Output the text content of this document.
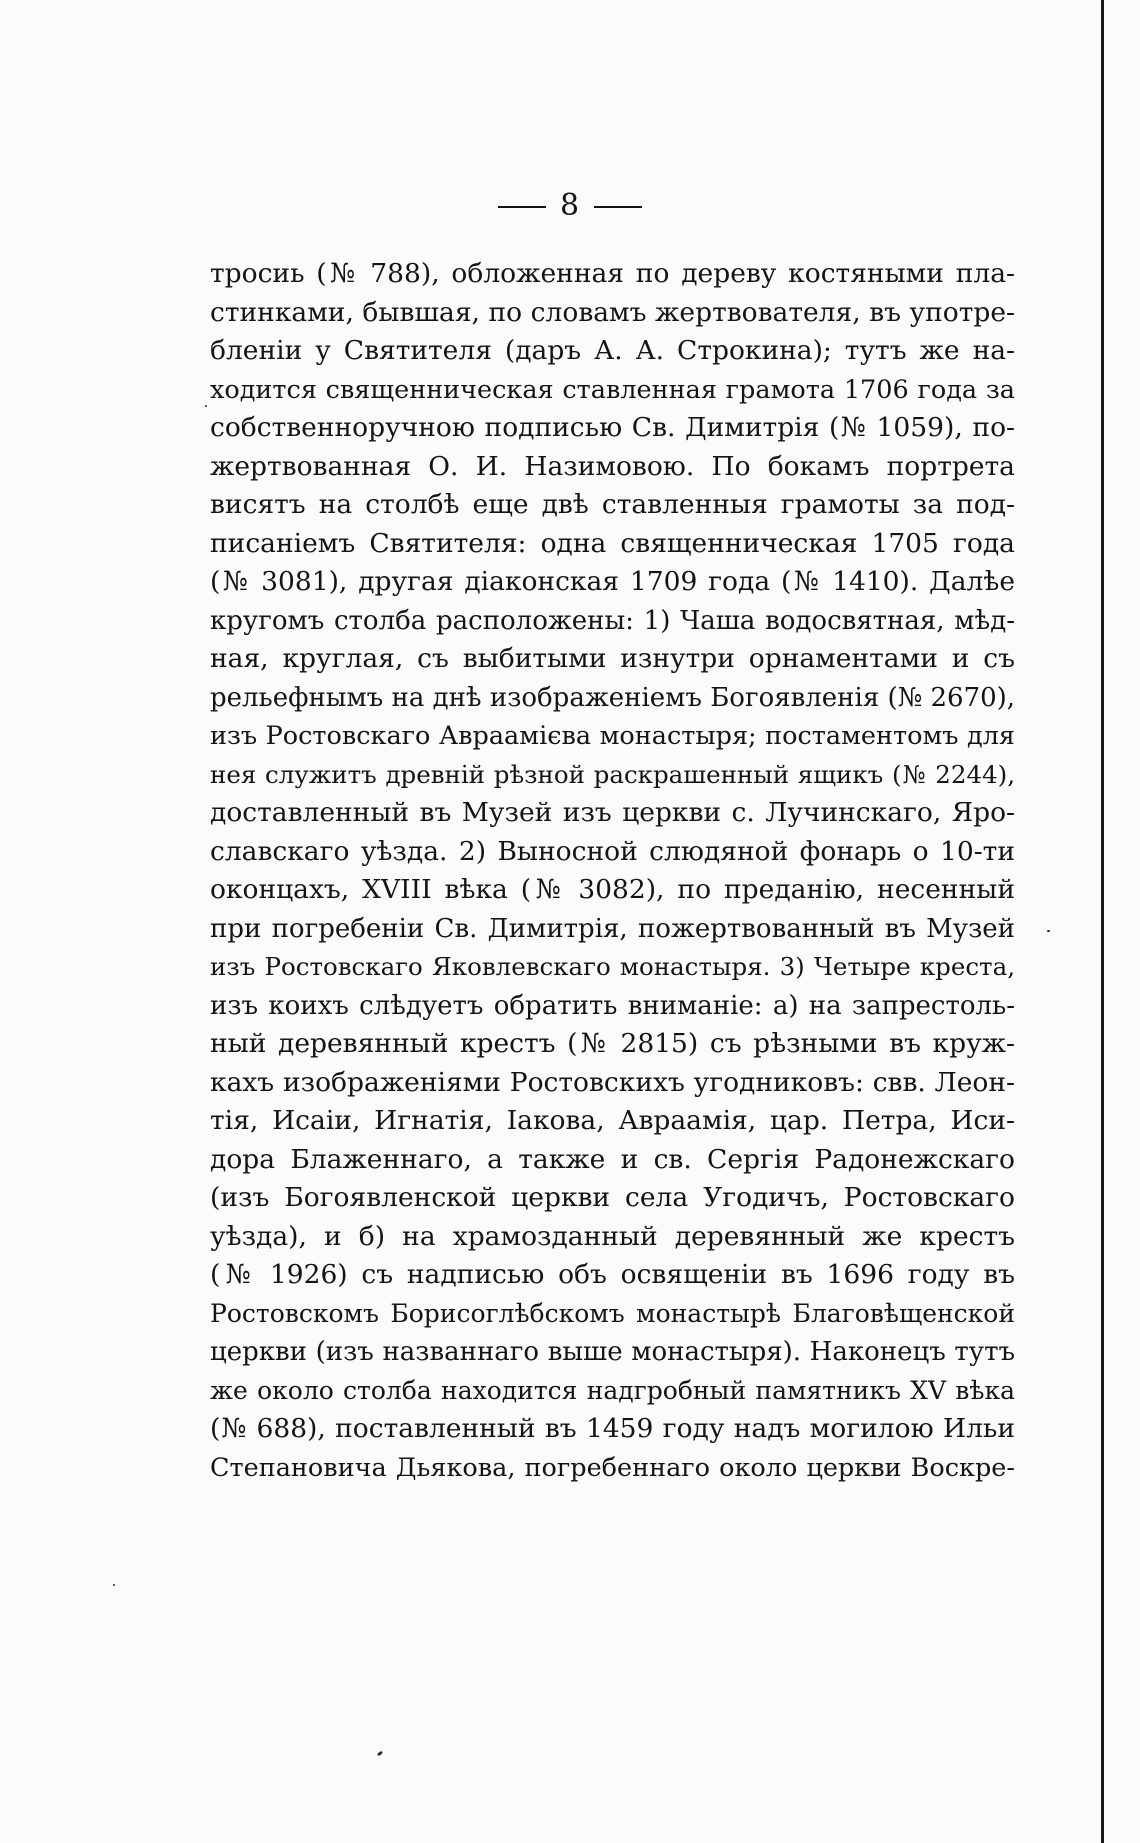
8
тросиь (№ 788), обложенная по дереву костяными пла-
стинками, бывшая, по словамъ жертвователя, въ употре-
бленіи у Святителя (даръ А. А. Строкина); тутъ же на-
ходится священническая ставленная грамота 1706 года за
собственноручною подписью Св. Димитрія (№ 1059), по-
жертвованная О. И. Назимовою. По бокамъ портрета
висятъ на столбѣ еще двѣ ставленныя грамоты за под-
писаніемъ Святителя: одна священническая 1705 года
(№ 3081), другая діаконская 1709 года (№ 1410). Далѣе
кругомъ столба расположены: 1) Чаша водосвятная, мѣд-
ная, круглая, съ выбитыми изнутри орнаментами и съ
рельефнымъ на днѣ изображеніемъ Богоявленія (№ 2670),
изъ Ростовскаго Авраамієва монастыря; постаментомъ для
нея служитъ древній рѣзной раскрашенный ящикъ (№ 2244),
доставленный въ Музей изъ церкви с. Лучинскаго, Яро-
славскаго уѣзда. 2) Выносной слюдяной фонарь о 10-ти
оконцахъ, XVIII вѣка (№ 3082), по преданію, несенный
при погребеніи Св. Димитрія, пожертвованный въ Музей
изъ Ростовскаго Яковлевскаго монастыря. 3) Четыре креста,
изъ коихъ слѣдуетъ обратить вниманіе: а) на запрестоль-
ный деревянный крестъ (№ 2815) съ рѣзными въ круж-
кахъ изображеніями Ростовскихъ угодниковъ: свв. Леон-
тія, Исаіи, Игнатія, Іакова, Авраамія, цар. Петра, Иси-
дора Блаженнаго, а также и св. Сергія Радонежскаго
(изъ Богоявленской церкви села Угодичъ, Ростовскаго
уѣзда), и б) на храмозданный деревянный же крестъ
(№ 1926) съ надписью объ освященіи въ 1696 году въ
Ростовскомъ Борисоглѣбскомъ монастырѣ Благовѣщенской
церкви (изъ названнаго выше монастыря). Наконецъ тутъ
же около столба находится надгробный памятникъ XV вѣка
(№ 688), поставленный въ 1459 году надъ могилою Ильи
Степановича Дьякова, погребеннаго около церкви Воскре-
